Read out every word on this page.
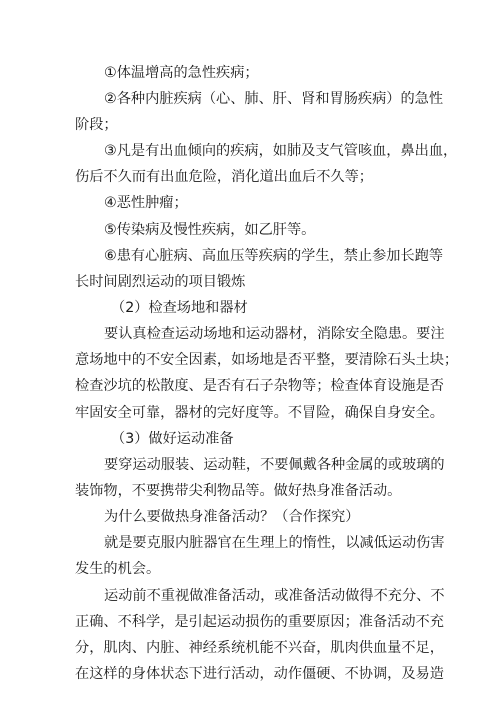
①体温增高的急性疾病；
②各种内脏疾病（心、肺、肝、肾和胃肠疾病）的急性
阶段；
③凡是有出血倾向的疾病，如肺及支气管咳血，鼻出血，
伤后不久而有出血危险，消化道出血后不久等；
④恶性肿瘤；
⑤传染病及慢性疾病，如乙肝等。
⑥患有心脏病、高血压等疾病的学生，禁止参加长跑等
长时间剧烈运动的项目锻炼
（2）检查场地和器材
要认真检查运动场地和运动器材，消除安全隐患。要注
意场地中的不安全因素，如场地是否平整，要清除石头土块；
检查沙坑的松散度、是否有石子杂物等；检查体育设施是否
牢固安全可靠，器材的完好度等。不冒险，确保自身安全。
（3）做好运动准备
要穿运动服装、运动鞋，不要佩戴各种金属的或玻璃的
装饰物，不要携带尖利物品等。做好热身准备活动。
为什么要做热身准备活动？（合作探究）
就是要克服内脏器官在生理上的惰性，以减低运动伤害
发生的机会。
运动前不重视做准备活动，或准备活动做得不充分、不
正确、不科学，是引起运动损伤的重要原因；准备活动不充
分，肌肉、内脏、神经系统机能不兴奋，肌肉供血量不足，
在这样的身体状态下进行活动，动作僵硬、不协调，及易造
